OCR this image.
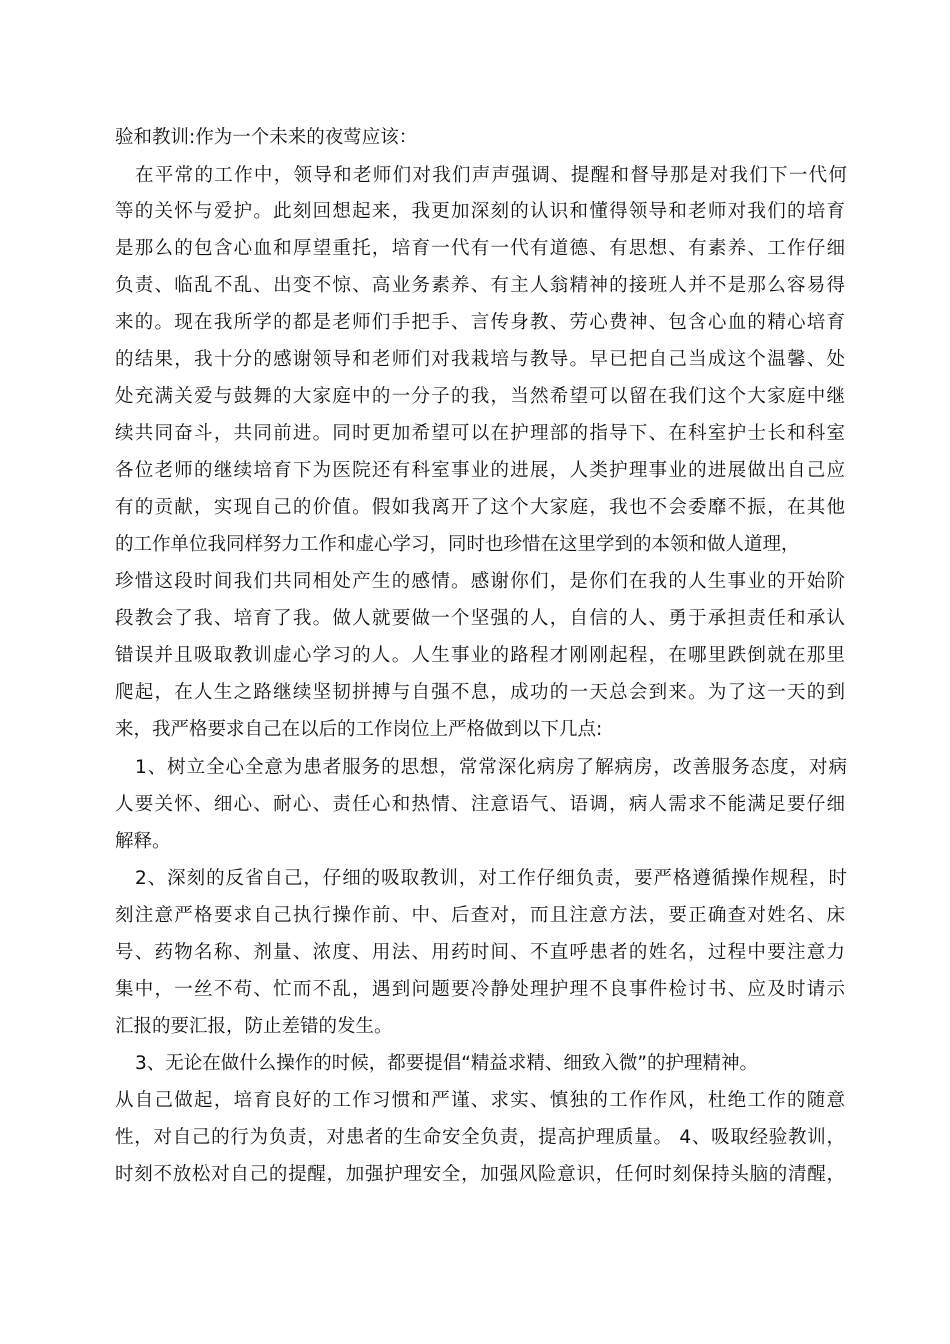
验和教训:作为一个未来的夜莺应该：
在平常的工作中，领导和老师们对我们声声强调、提醒和督导那是对我们下一代何
等的关怀与爱护。此刻回想起来，我更加深刻的认识和懂得领导和老师对我们的培育
是那么的包含心血和厚望重托，培育一代有一代有道德、有思想、有素养、工作仔细
负责、临乱不乱、出变不惊、高业务素养、有主人翁精神的接班人并不是那么容易得
来的。现在我所学的都是老师们手把手、言传身教、劳心费神、包含心血的精心培育
的结果，我十分的感谢领导和老师们对我栽培与教导。早已把自己当成这个温馨、处
处充满关爱与鼓舞的大家庭中的一分子的我，当然希望可以留在我们这个大家庭中继
续共同奋斗，共同前进。同时更加希望可以在护理部的指导下、在科室护士长和科室
各位老师的继续培育下为医院还有科室事业的进展，人类护理事业的进展做出自己应
有的贡献，实现自己的价值。假如我离开了这个大家庭，我也不会委靡不振，在其他
的工作单位我同样努力工作和虚心学习，同时也珍惜在这里学到的本领和做人道理，
珍惜这段时间我们共同相处产生的感情。感谢你们，是你们在我的人生事业的开始阶
段教会了我、培育了我。做人就要做一个坚强的人，自信的人、勇于承担责任和承认
错误并且吸取教训虚心学习的人。人生事业的路程才刚刚起程，在哪里跌倒就在那里
爬起，在人生之路继续坚韧拼搏与自强不息，成功的一天总会到来。为了这一天的到
来，我严格要求自己在以后的工作岗位上严格做到以下几点:
1、树立全心全意为患者服务的思想，常常深化病房了解病房，改善服务态度，对病
人要关怀、细心、耐心、责任心和热情、注意语气、语调，病人需求不能满足要仔细
解释。
2、深刻的反省自己，仔细的吸取教训，对工作仔细负责，要严格遵循操作规程，时
刻注意严格要求自己执行操作前、中、后查对，而且注意方法，要正确查对姓名、床
号、药物名称、剂量、浓度、用法、用药时间、不直呼患者的姓名，过程中要注意力
集中，一丝不苟、忙而不乱，遇到问题要冷静处理护理不良事件检讨书、应及时请示
汇报的要汇报，防止差错的发生。
3、无论在做什么操作的时候，都要提倡“精益求精、细致入微”的护理精神。
从自己做起，培育良好的工作习惯和严谨、求实、慎独的工作作风，杜绝工作的随意
性，对自己的行为负责，对患者的生命安全负责，提高护理质量。 4、吸取经验教训，
时刻不放松对自己的提醒，加强护理安全，加强风险意识，任何时刻保持头脑的清醒，
